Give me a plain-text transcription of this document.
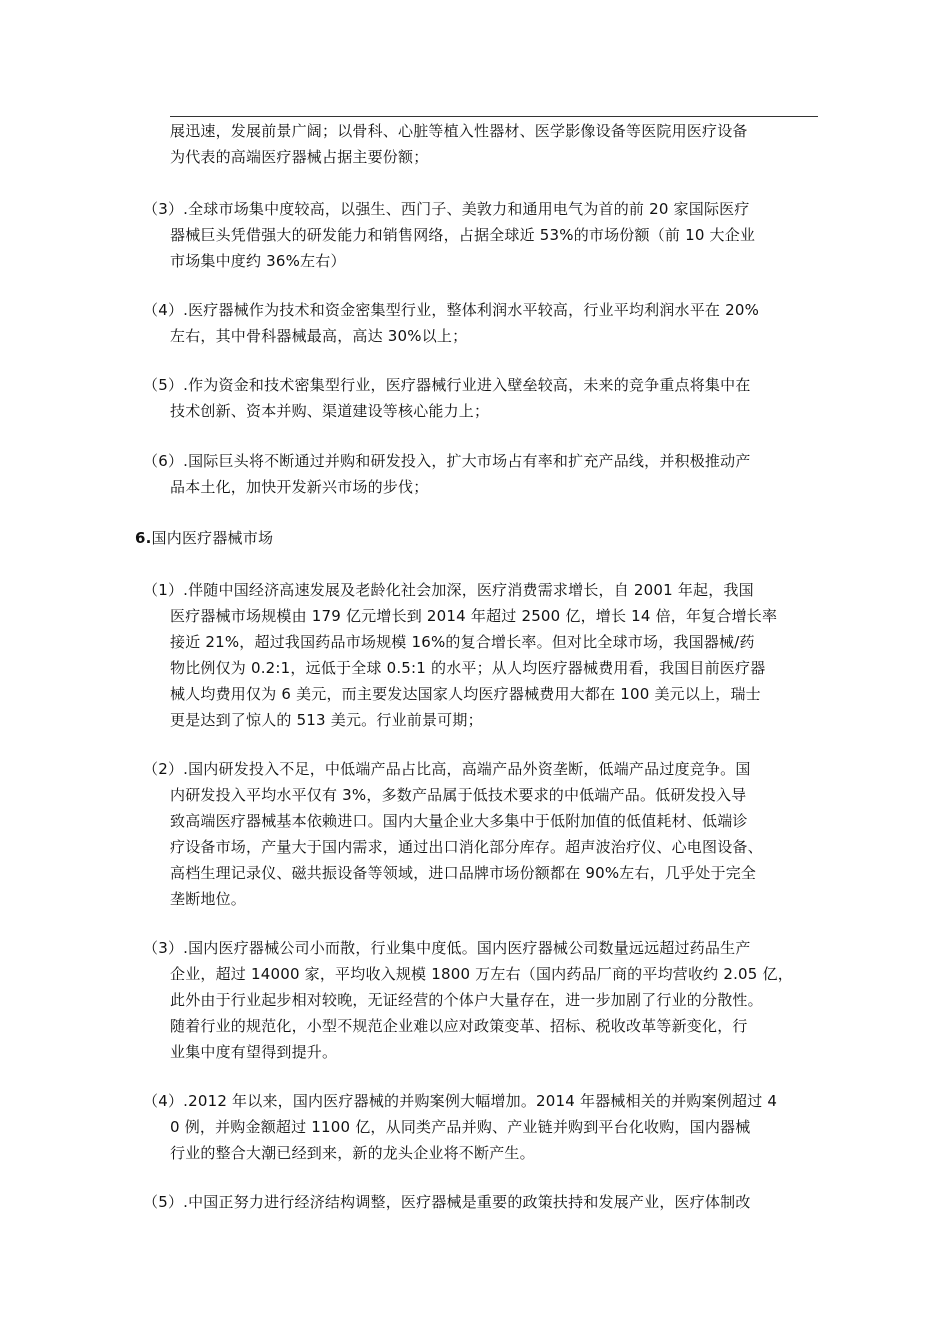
展迅速，发展前景广阔；以骨科、心脏等植入性器材、医学影像设备等医院用医疗设备
为代表的高端医疗器械占据主要份额；
（3）.全球市场集中度较高，以强生、西门子、美敦力和通用电气为首的前 20 家国际医疗
器械巨头凭借强大的研发能力和销售网络，占据全球近 53%的市场份额（前 10 大企业
市场集中度约 36%左右）
（4）.医疗器械作为技术和资金密集型行业，整体利润水平较高，行业平均利润水平在 20%
左右，其中骨科器械最高，高达 30%以上；
（5）.作为资金和技术密集型行业，医疗器械行业进入壁垒较高，未来的竞争重点将集中在
技术创新、资本并购、渠道建设等核心能力上；
（6）.国际巨头将不断通过并购和研发投入，扩大市场占有率和扩充产品线，并积极推动产
品本土化，加快开发新兴市场的步伐；
6.国内医疗器械市场
（1）.伴随中国经济高速发展及老龄化社会加深，医疗消费需求增长，自 2001 年起，我国
医疗器械市场规模由 179 亿元增长到 2014 年超过 2500 亿，增长 14 倍，年复合增长率
接近 21%，超过我国药品市场规模 16%的复合增长率。但对比全球市场，我国器械/药
物比例仅为 0.2:1，远低于全球 0.5:1 的水平；从人均医疗器械费用看，我国目前医疗器
械人均费用仅为 6 美元，而主要发达国家人均医疗器械费用大都在 100 美元以上，瑞士
更是达到了惊人的 513 美元。行业前景可期；
（2）.国内研发投入不足，中低端产品占比高，高端产品外资垄断，低端产品过度竞争。国
内研发投入平均水平仅有 3%，多数产品属于低技术要求的中低端产品。低研发投入导
致高端医疗器械基本依赖进口。国内大量企业大多集中于低附加值的低值耗材、低端诊
疗设备市场，产量大于国内需求，通过出口消化部分库存。超声波治疗仪、心电图设备、
高档生理记录仪、磁共振设备等领域，进口品牌市场份额都在 90%左右，几乎处于完全
垄断地位。
（3）.国内医疗器械公司小而散，行业集中度低。国内医疗器械公司数量远远超过药品生产
企业，超过 14000 家，平均收入规模 1800 万左右（国内药品厂商的平均营收约 2.05 亿，
此外由于行业起步相对较晚，无证经营的个体户大量存在，进一步加剧了行业的分散性。
随着行业的规范化，小型不规范企业难以应对政策变革、招标、税收改革等新变化，行
业集中度有望得到提升。
（4）.2012 年以来，国内医疗器械的并购案例大幅增加。2014 年器械相关的并购案例超过 4
0 例，并购金额超过 1100 亿，从同类产品并购、产业链并购到平台化收购，国内器械
行业的整合大潮已经到来，新的龙头企业将不断产生。
（5）.中国正努力进行经济结构调整，医疗器械是重要的政策扶持和发展产业，医疗体制改
